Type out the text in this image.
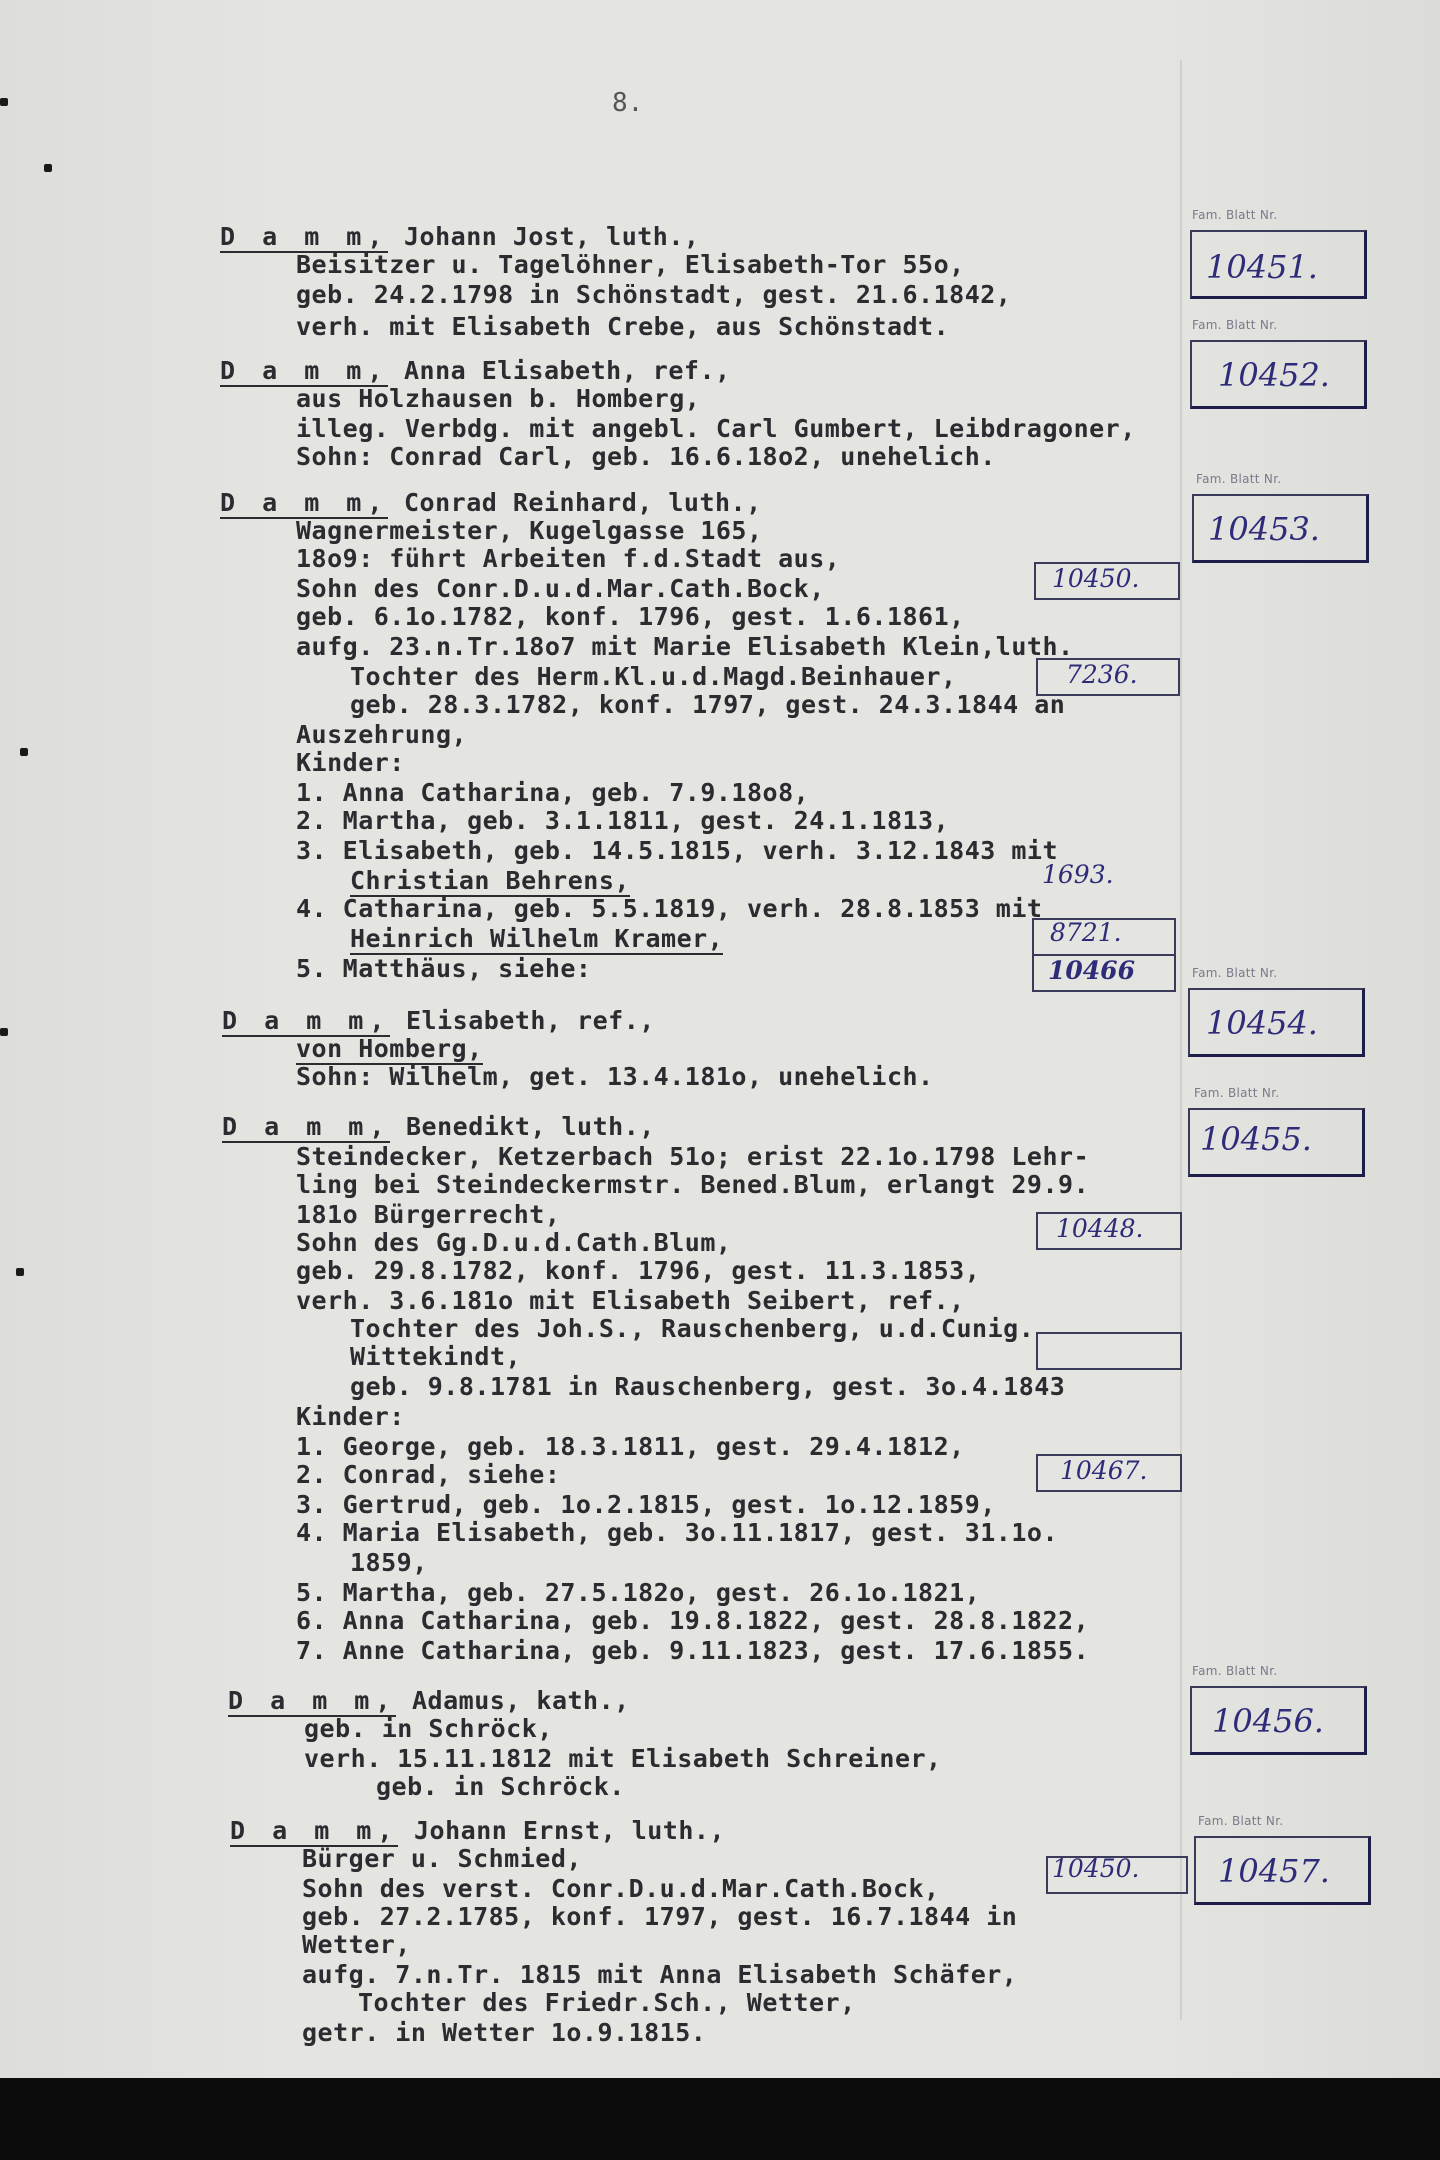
8.
D a m m, Johann Jost, luth.,
Beisitzer u. Tagelöhner, Elisabeth-Tor 55o,
geb. 24.2.1798 in Schönstadt, gest. 21.6.1842,
verh. mit Elisabeth Crebe, aus Schönstadt.
Fam. Blatt Nr.
10451.
D a m m, Anna Elisabeth, ref.,
aus Holzhausen b. Homberg,
illeg. Verbdg. mit angebl. Carl Gumbert, Leibdragoner,
Sohn: Conrad Carl, geb. 16.6.18o2, unehelich.
Fam. Blatt Nr.
10452.
D a m m, Conrad Reinhard, luth.,
Wagnermeister, Kugelgasse 165,
18o9: führt Arbeiten f.d.Stadt aus,
Sohn des Conr.D.u.d.Mar.Cath.Bock,
geb. 6.1o.1782, konf. 1796, gest. 1.6.1861,
aufg. 23.n.Tr.18o7 mit Marie Elisabeth Klein,luth.
Tochter des Herm.Kl.u.d.Magd.Beinhauer,
geb. 28.3.1782, konf. 1797, gest. 24.3.1844 an
Auszehrung,
Kinder:
1. Anna Catharina, geb. 7.9.18o8,
2. Martha, geb. 3.1.1811, gest. 24.1.1813,
3. Elisabeth, geb. 14.5.1815, verh. 3.12.1843 mit
Christian Behrens,
4. Catharina, geb. 5.5.1819, verh. 28.8.1853 mit
Heinrich Wilhelm Kramer,
5. Matthäus, siehe:
Fam. Blatt Nr.
10453.
10450.
7236.
1693.
8721.
10466
D a m m, Elisabeth, ref.,
von Homberg,
Sohn: Wilhelm, get. 13.4.181o, unehelich.
Fam. Blatt Nr.
10454.
D a m m, Benedikt, luth.,
Steindecker, Ketzerbach 51o; erist 22.1o.1798 Lehr-
ling bei Steindeckermstr. Bened.Blum, erlangt 29.9.
181o Bürgerrecht,
Sohn des Gg.D.u.d.Cath.Blum,
geb. 29.8.1782, konf. 1796, gest. 11.3.1853,
verh. 3.6.181o mit Elisabeth Seibert, ref.,
Tochter des Joh.S., Rauschenberg, u.d.Cunig.
Wittekindt,
geb. 9.8.1781 in Rauschenberg, gest. 3o.4.1843
Kinder:
1. George, geb. 18.3.1811, gest. 29.4.1812,
2. Conrad, siehe:
3. Gertrud, geb. 1o.2.1815, gest. 1o.12.1859,
4. Maria Elisabeth, geb. 3o.11.1817, gest. 31.1o.
1859,
5. Martha, geb. 27.5.182o, gest. 26.1o.1821,
6. Anna Catharina, geb. 19.8.1822, gest. 28.8.1822,
7. Anne Catharina, geb. 9.11.1823, gest. 17.6.1855.
Fam. Blatt Nr.
10455.
10448.
10467.
D a m m, Adamus, kath.,
geb. in Schröck,
verh. 15.11.1812 mit Elisabeth Schreiner,
geb. in Schröck.
Fam. Blatt Nr.
10456.
D a m m, Johann Ernst, luth.,
Bürger u. Schmied,
Sohn des verst. Conr.D.u.d.Mar.Cath.Bock,
geb. 27.2.1785, konf. 1797, gest. 16.7.1844 in
Wetter,
aufg. 7.n.Tr. 1815 mit Anna Elisabeth Schäfer,
Tochter des Friedr.Sch., Wetter,
getr. in Wetter 1o.9.1815.
Fam. Blatt Nr.
10457.
10450.
